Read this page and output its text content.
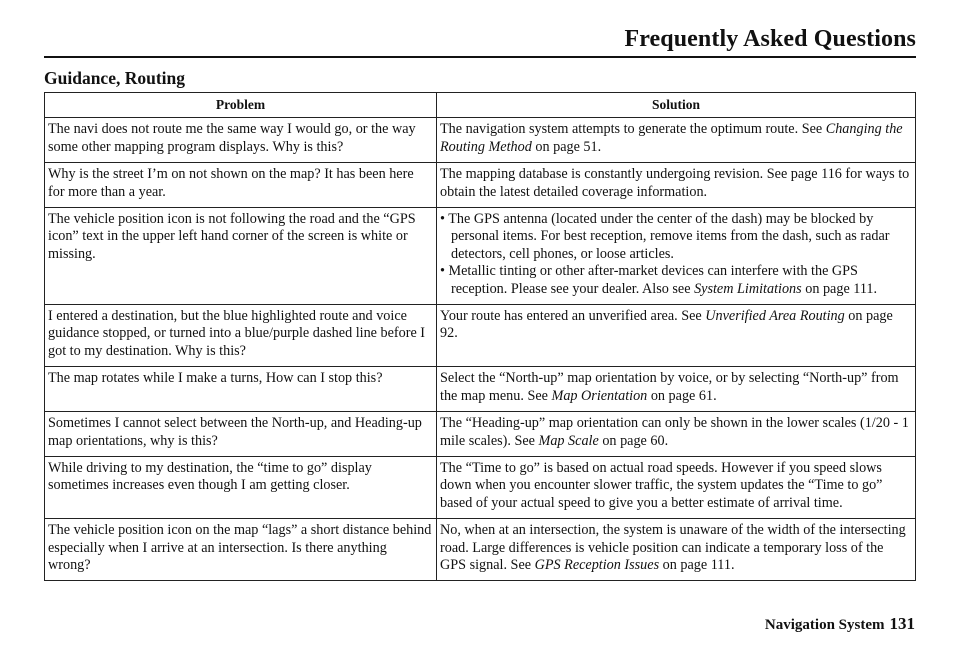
Frequently Asked Questions
Guidance, Routing
Problem	Solution
The navi does not route me the same way I would go, or the way some other mapping program displays. Why is this?	The navigation system attempts to generate the optimum route. See Changing the Routing Method on page 51.
Why is the street I’m on not shown on the map? It has been here for more than a year.	The mapping database is constantly undergoing revision. See page 116 for ways to obtain the latest detailed coverage information.
The vehicle position icon is not following the road and the “GPS icon” text in the upper left hand corner of the screen is white or missing.	• The GPS antenna (located under the center of the dash) may be blocked by personal items. For best reception, remove items from the dash, such as radar detectors, cell phones, or loose articles.
• Metallic tinting or other after-market devices can interfere with the GPS reception. Please see your dealer. Also see System Limitations on page 111.

I entered a destination, but the blue highlighted route and voice guidance stopped, or turned into a blue/purple dashed line before I got to my destination. Why is this?	Your route has entered an unverified area. See Unverified Area Routing on page 92.
The map rotates while I make a turns, How can I stop this?	Select the “North-up” map orientation by voice, or by selecting “North-up” from the map menu. See Map Orientation on page 61.
Sometimes I cannot select between the North-up, and Heading-up map orientations, why is this?	The “Heading-up” map orientation can only be shown in the lower scales (1/20 - 1 mile scales). See Map Scale on page 60.
While driving to my destination, the “time to go” display sometimes increases even though I am getting closer.	The “Time to go” is based on actual road speeds. However if you speed slows down when you encounter slower traffic, the system updates the “Time to go” based of your actual speed to give you a better estimate of arrival time.
The vehicle position icon on the map “lags” a short distance behind especially when I arrive at an intersection. Is there anything wrong?	No, when at an intersection, the system is unaware of the width of the intersecting road. Large differences is vehicle position can indicate a temporary loss of the GPS signal. See GPS Reception Issues on page 111.
Navigation System 131
